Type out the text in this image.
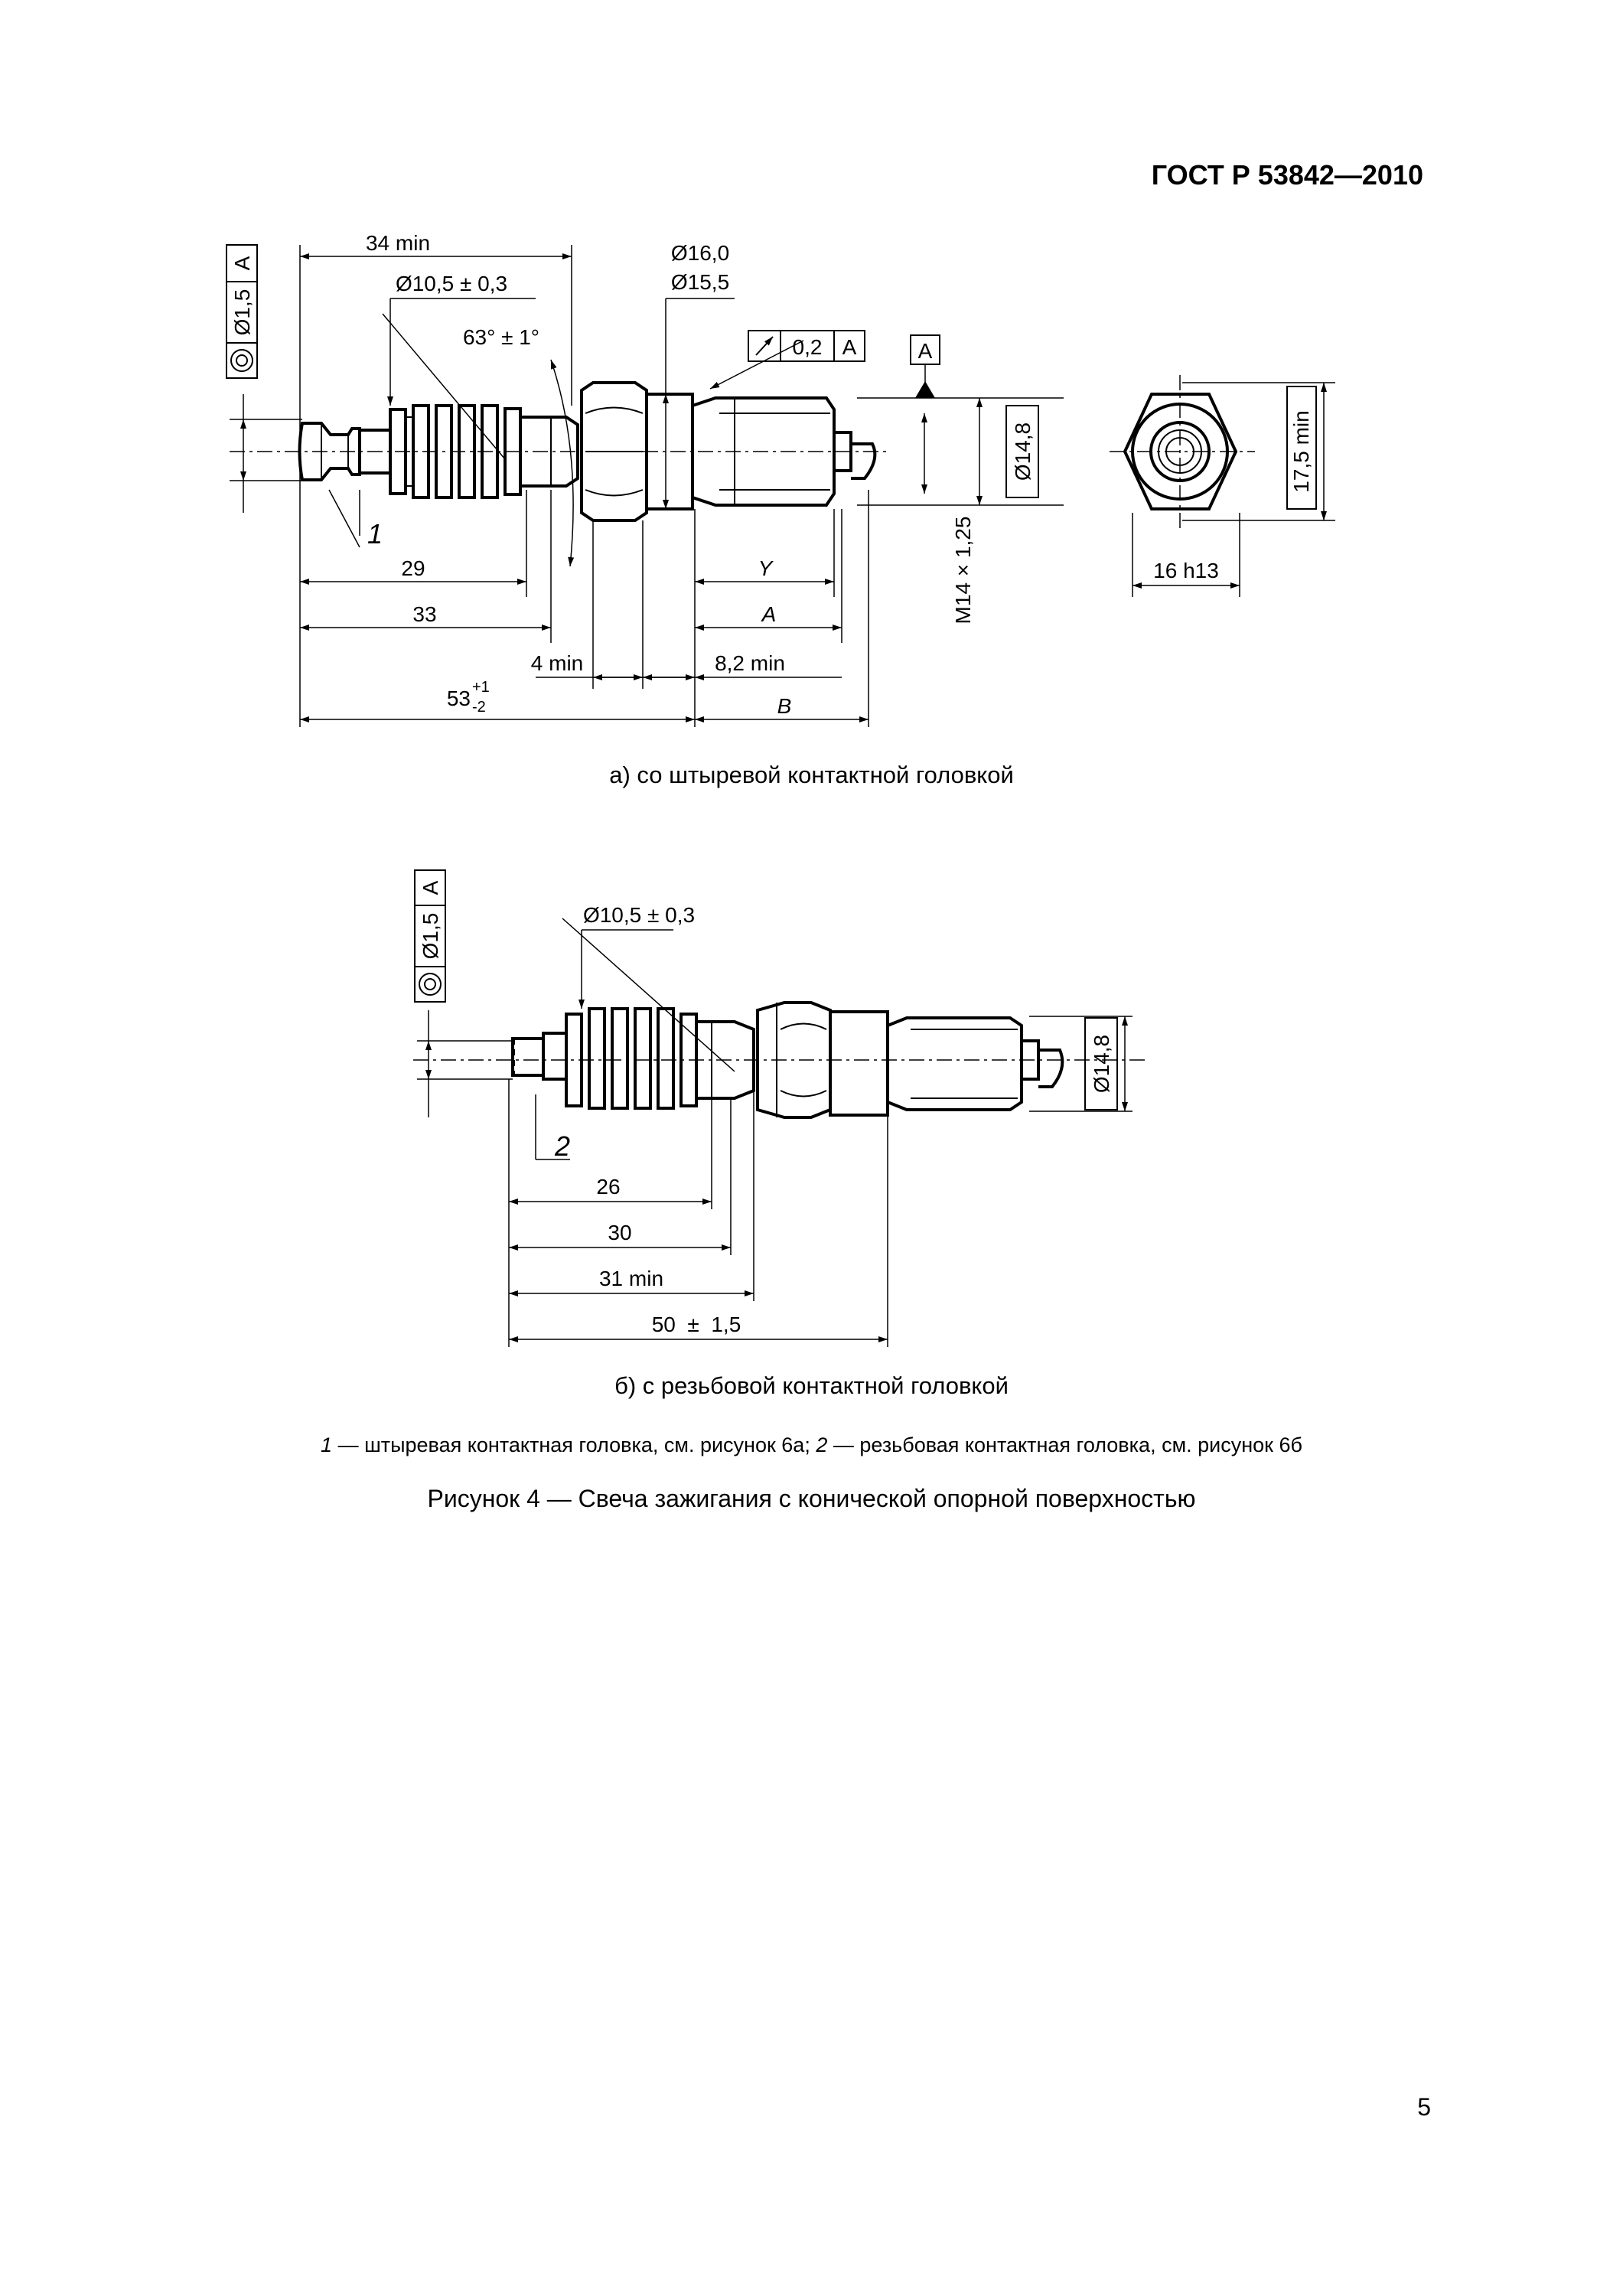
ГОСТ Р 53842—2010
34 min
Ø10,5 ± 0,3
63° ± 1°
Ø16,0
Ø15,5
0,2 A	A
Ø14,8
M14 × 1,25
Ø1,5
A
1
29
33
4 min	8,2 min
53 +1
-2
Y
A
B
17,5 min
16 h13
а) со штыревой контактной головкой
Ø10,5 ± 0,3
Ø14,8
Ø1,5
A
2
26
30
31 min
50  ±  1,5
б) с резьбовой контактной головкой
1 — штыревая контактная головка, см. рисунок 6а; 2 — резьбовая контактная головка, см. рисунок 6б
Рисунок 4 — Свеча зажигания с конической опорной поверхностью
5
